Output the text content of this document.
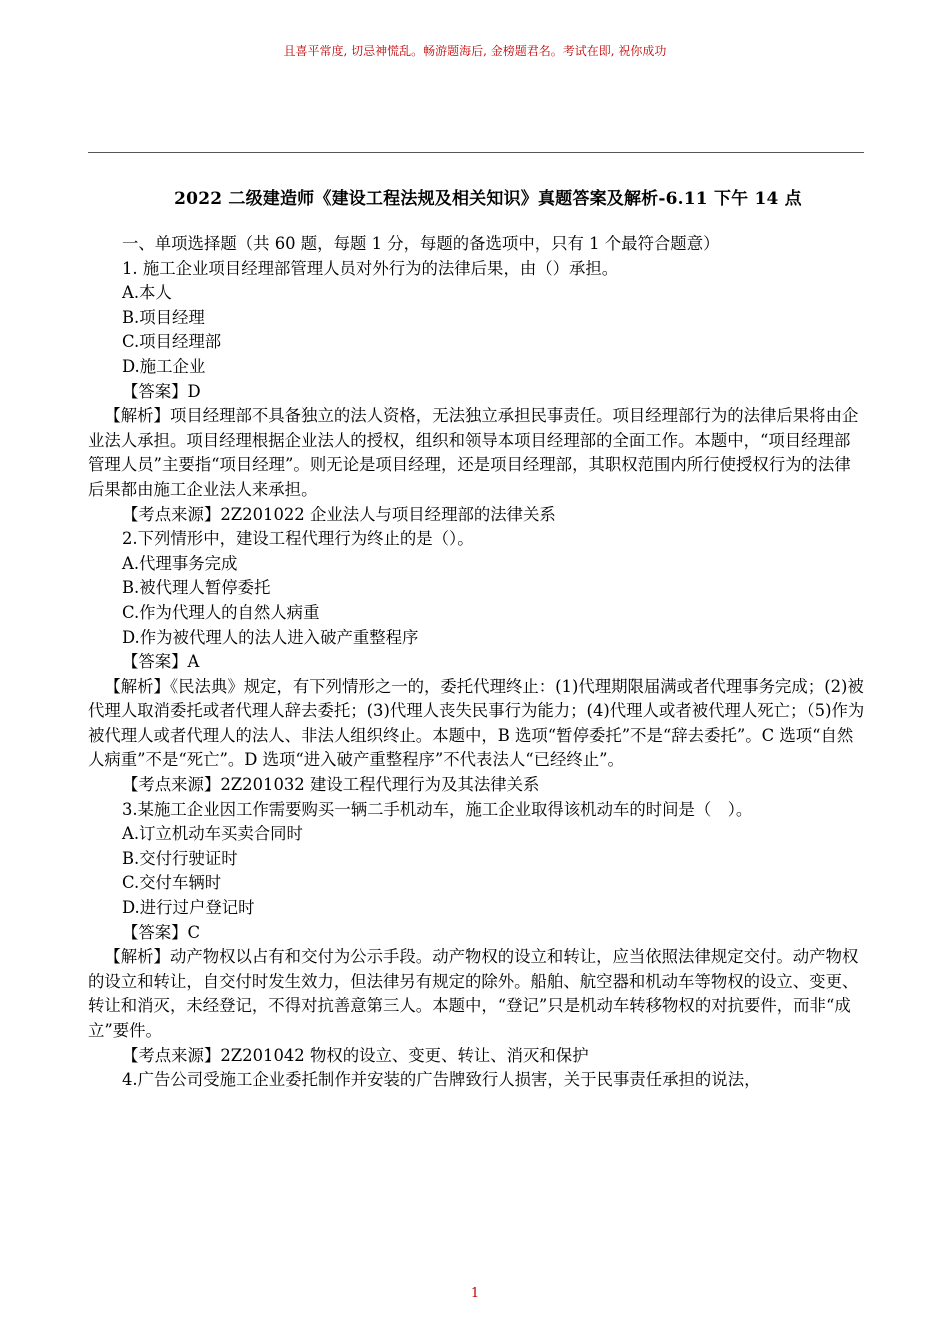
且喜平常度, 切忌神慌乱。畅游题海后, 金榜题君名。考试在即, 祝你成功
2022 二级建造师《建设工程法规及相关知识》真题答案及解析-6.11 下午 14 点

一、单项选择题（共 60 题，每题 1 分，每题的备选项中，只有 1 个最符合题意）

1. 施工企业项目经理部管理人员对外行为的法律后果，由（）承担。

A.本人

B.项目经理

C.项目经理部

D.施工企业

【答案】D

【解析】项目经理部不具备独立的法人资格，无法独立承担民事责任。项目经理部行为的法律后果将由企业法人承担。项目经理根据企业法人的授权，组织和领导本项目经理部的全面工作。本题中，“项目经理部管理人员”主要指“项目经理”。则无论是项目经理，还是项目经理部，其职权范围内所行使授权行为的法律后果都由施工企业法人来承担。

【考点来源】2Z201022 企业法人与项目经理部的法律关系

2.下列情形中，建设工程代理行为终止的是（）。

A.代理事务完成

B.被代理人暂停委托

C.作为代理人的自然人病重

D.作为被代理人的法人进入破产重整程序

【答案】A

【解析】《民法典》规定，有下列情形之一的，委托代理终止：(1)代理期限届满或者代理事务完成；(2)被代理人取消委托或者代理人辞去委托；(3)代理人丧失民事行为能力；(4)代理人或者被代理人死亡；（5)作为被代理人或者代理人的法人、非法人组织终止。本题中，B 选项“暂停委托”不是“辞去委托”。C 选项“自然人病重”不是“死亡”。D 选项“进入破产重整程序”不代表法人“已经终止”。

【考点来源】2Z201032 建设工程代理行为及其法律关系

3.某施工企业因工作需要购买一辆二手机动车，施工企业取得该机动车的时间是（　）。

A.订立机动车买卖合同时

B.交付行驶证时

C.交付车辆时

D.进行过户登记时

【答案】C

【解析】动产物权以占有和交付为公示手段。动产物权的设立和转让，应当依照法律规定交付。动产物权的设立和转让，自交付时发生效力，但法律另有规定的除外。船舶、航空器和机动车等物权的设立、变更、转让和消灭，未经登记，不得对抗善意第三人。本题中，“登记”只是机动车转移物权的对抗要件，而非“成立”要件。

【考点来源】2Z201042 物权的设立、变更、转让、消灭和保护

4.广告公司受施工企业委托制作并安装的广告牌致行人损害，关于民事责任承担的说法，

1
